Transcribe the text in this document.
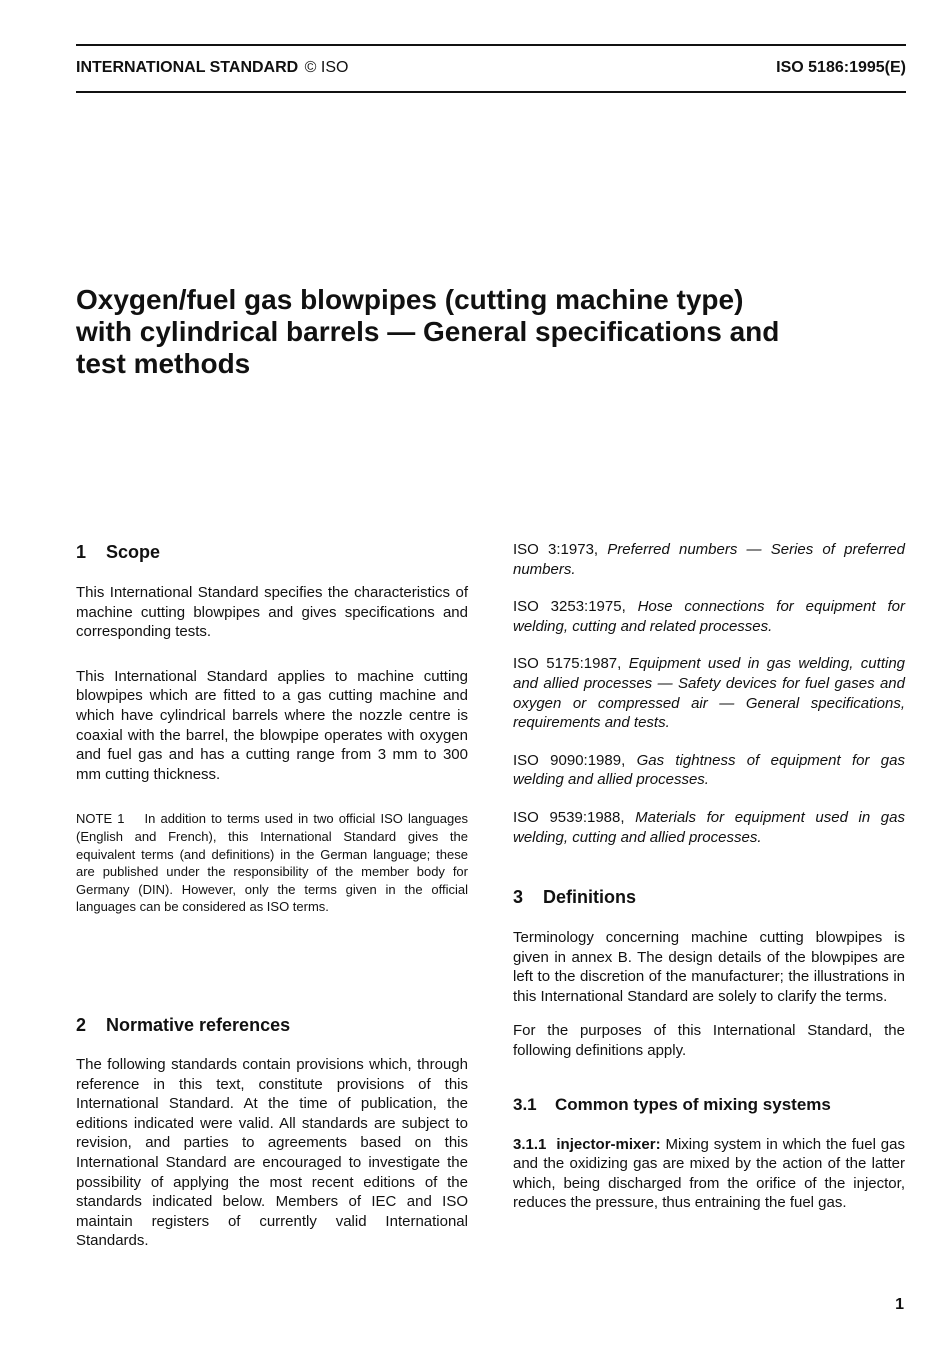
INTERNATIONAL STANDARD © ISO	ISO 5186:1995(E)
Oxygen/fuel gas blowpipes (cutting machine type)
with cylindrical barrels — General specifications and
test methods
1 Scope

This International Standard specifies the characteristics of machine cutting blowpipes and gives specifications and corresponding tests.

This International Standard applies to machine cutting blowpipes which are fitted to a gas cutting machine and which have cylindrical barrels where the nozzle centre is coaxial with the barrel, the blowpipe operates with oxygen and fuel gas and has a cutting range from 3 mm to 300 mm cutting thickness.

NOTE 1 In addition to terms used in two official ISO languages (English and French), this International Standard gives the equivalent terms (and definitions) in the German language; these are published under the responsibility of the member body for Germany (DIN). However, only the terms given in the official languages can be considered as ISO terms.

2 Normative references

The following standards contain provisions which, through reference in this text, constitute provisions of this International Standard. At the time of publication, the editions indicated were valid. All standards are subject to revision, and parties to agreements based on this International Standard are encouraged to investigate the possibility of applying the most recent editions of the standards indicated below. Members of IEC and ISO maintain registers of currently valid International Standards.

ISO 3:1973, Preferred numbers — Series of preferred numbers.

ISO 3253:1975, Hose connections for equipment for welding, cutting and related processes.

ISO 5175:1987, Equipment used in gas welding, cutting and allied processes — Safety devices for fuel gases and oxygen or compressed air — General specifications, requirements and tests.

ISO 9090:1989, Gas tightness of equipment for gas welding and allied processes.

ISO 9539:1988, Materials for equipment used in gas welding, cutting and allied processes.

3 Definitions

Terminology concerning machine cutting blowpipes is given in annex B. The design details of the blowpipes are left to the discretion of the manufacturer; the illustrations in this International Standard are solely to clarify the terms.

For the purposes of this International Standard, the following definitions apply.

3.1 Common types of mixing systems

3.1.1 injector-mixer: Mixing system in which the fuel gas and the oxidizing gas are mixed by the action of the latter which, being discharged from the orifice of the injector, reduces the pressure, thus entraining the fuel gas.

1
